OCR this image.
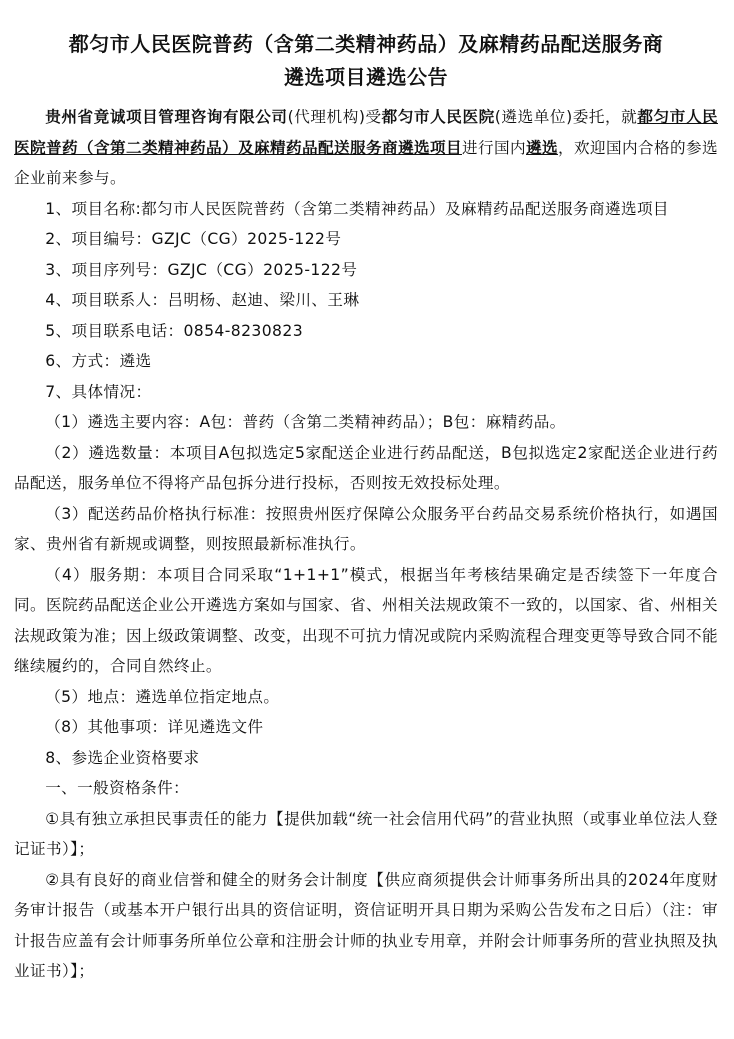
都匀市人民医院普药（含第二类精神药品）及麻精药品配送服务商
遴选项目遴选公告

贵州省竟诚项目管理咨询有限公司(代理机构)受都匀市人民医院(遴选单位)委托，就都匀市人民医院普药（含第二类精神药品）及麻精药品配送服务商遴选项目进行国内遴选，欢迎国内合格的参选企业前来参与。

1、项目名称:都匀市人民医院普药（含第二类精神药品）及麻精药品配送服务商遴选项目

2、项目编号：GZJC（CG）2025-122号

3、项目序列号：GZJC（CG）2025-122号

4、项目联系人：吕明杨、赵迪、梁川、王琳

5、项目联系电话：0854-8230823

6、方式：遴选

7、具体情况：

（1）遴选主要内容：A包：普药（含第二类精神药品）；B包：麻精药品。

（2）遴选数量：本项目A包拟选定5家配送企业进行药品配送，B包拟选定2家配送企业进行药品配送，服务单位不得将产品包拆分进行投标，否则按无效投标处理。

（3）配送药品价格执行标准：按照贵州医疗保障公众服务平台药品交易系统价格执行，如遇国家、贵州省有新规或调整，则按照最新标准执行。

（4）服务期：本项目合同采取“1+1+1”模式，根据当年考核结果确定是否续签下一年度合同。医院药品配送企业公开遴选方案如与国家、省、州相关法规政策不一致的，以国家、省、州相关法规政策为准；因上级政策调整、改变，出现不可抗力情况或院内采购流程合理变更等导致合同不能继续履约的，合同自然终止。

（5）地点：遴选单位指定地点。

（8）其他事项：详见遴选文件

8、参选企业资格要求

一、一般资格条件：

①具有独立承担民事责任的能力【提供加载“统一社会信用代码”的营业执照（或事业单位法人登记证书）】；

②具有良好的商业信誉和健全的财务会计制度【供应商须提供会计师事务所出具的2024年度财务审计报告（或基本开户银行出具的资信证明，资信证明开具日期为采购公告发布之日后）（注：审计报告应盖有会计师事务所单位公章和注册会计师的执业专用章，并附会计师事务所的营业执照及执业证书）】；
